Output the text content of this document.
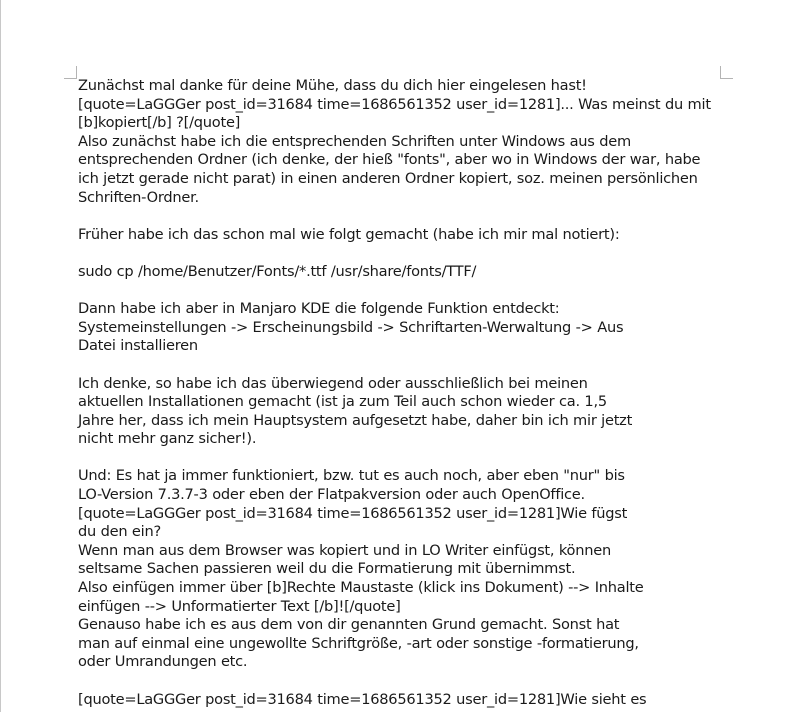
Zunächst mal danke für deine Mühe, dass du dich hier eingelesen hast!
[quote=LaGGGer post_id=31684 time=1686561352 user_id=1281]... Was meinst du mit
[b]kopiert[/b] ?[/quote]
Also zunächst habe ich die entsprechenden Schriften unter Windows aus dem
entsprechenden Ordner (ich denke, der hieß "fonts", aber wo in Windows der war, habe
ich jetzt gerade nicht parat) in einen anderen Ordner kopiert, soz. meinen persönlichen
Schriften-Ordner.
Früher habe ich das schon mal wie folgt gemacht (habe ich mir mal notiert):
sudo cp /home/Benutzer/Fonts/*.ttf /usr/share/fonts/TTF/
Dann habe ich aber in Manjaro KDE die folgende Funktion entdeckt:
Systemeinstellungen -> Erscheinungsbild -> Schriftarten-Werwaltung -> Aus
Datei installieren
Ich denke, so habe ich das überwiegend oder ausschließlich bei meinen
aktuellen Installationen gemacht (ist ja zum Teil auch schon wieder ca. 1,5
Jahre her, dass ich mein Hauptsystem aufgesetzt habe, daher bin ich mir jetzt
nicht mehr ganz sicher!).
Und: Es hat ja immer funktioniert, bzw. tut es auch noch, aber eben "nur" bis
LO-Version 7.3.7-3 oder eben der Flatpakversion oder auch OpenOffice.
[quote=LaGGGer post_id=31684 time=1686561352 user_id=1281]Wie fügst
du den ein?
Wenn man aus dem Browser was kopiert und in LO Writer einfügst, können
seltsame Sachen passieren weil du die Formatierung mit übernimmst.
Also einfügen immer über [b]Rechte Maustaste (klick ins Dokument) --> Inhalte
einfügen --> Unformatierter Text [/b]![/quote]
Genauso habe ich es aus dem von dir genannten Grund gemacht. Sonst hat
man auf einmal eine ungewollte Schriftgröße, -art oder sonstige -formatierung,
oder Umrandungen etc.
[quote=LaGGGer post_id=31684 time=1686561352 user_id=1281]Wie sieht es
